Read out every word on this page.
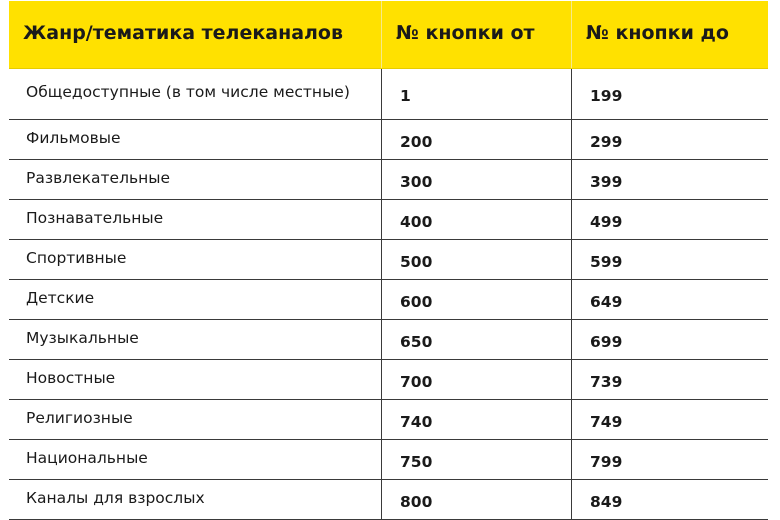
Жанр/тематика телеканалов	№ кнопки от	№ кнопки до
Общедоступные (в том числе местные)	1	199
Фильмовые	200	299
Развлекательные	300	399
Познавательные	400	499
Спортивные	500	599
Детские	600	649
Музыкальные	650	699
Новостные	700	739
Религиозные	740	749
Национальные	750	799
Каналы для взрослых	800	849
